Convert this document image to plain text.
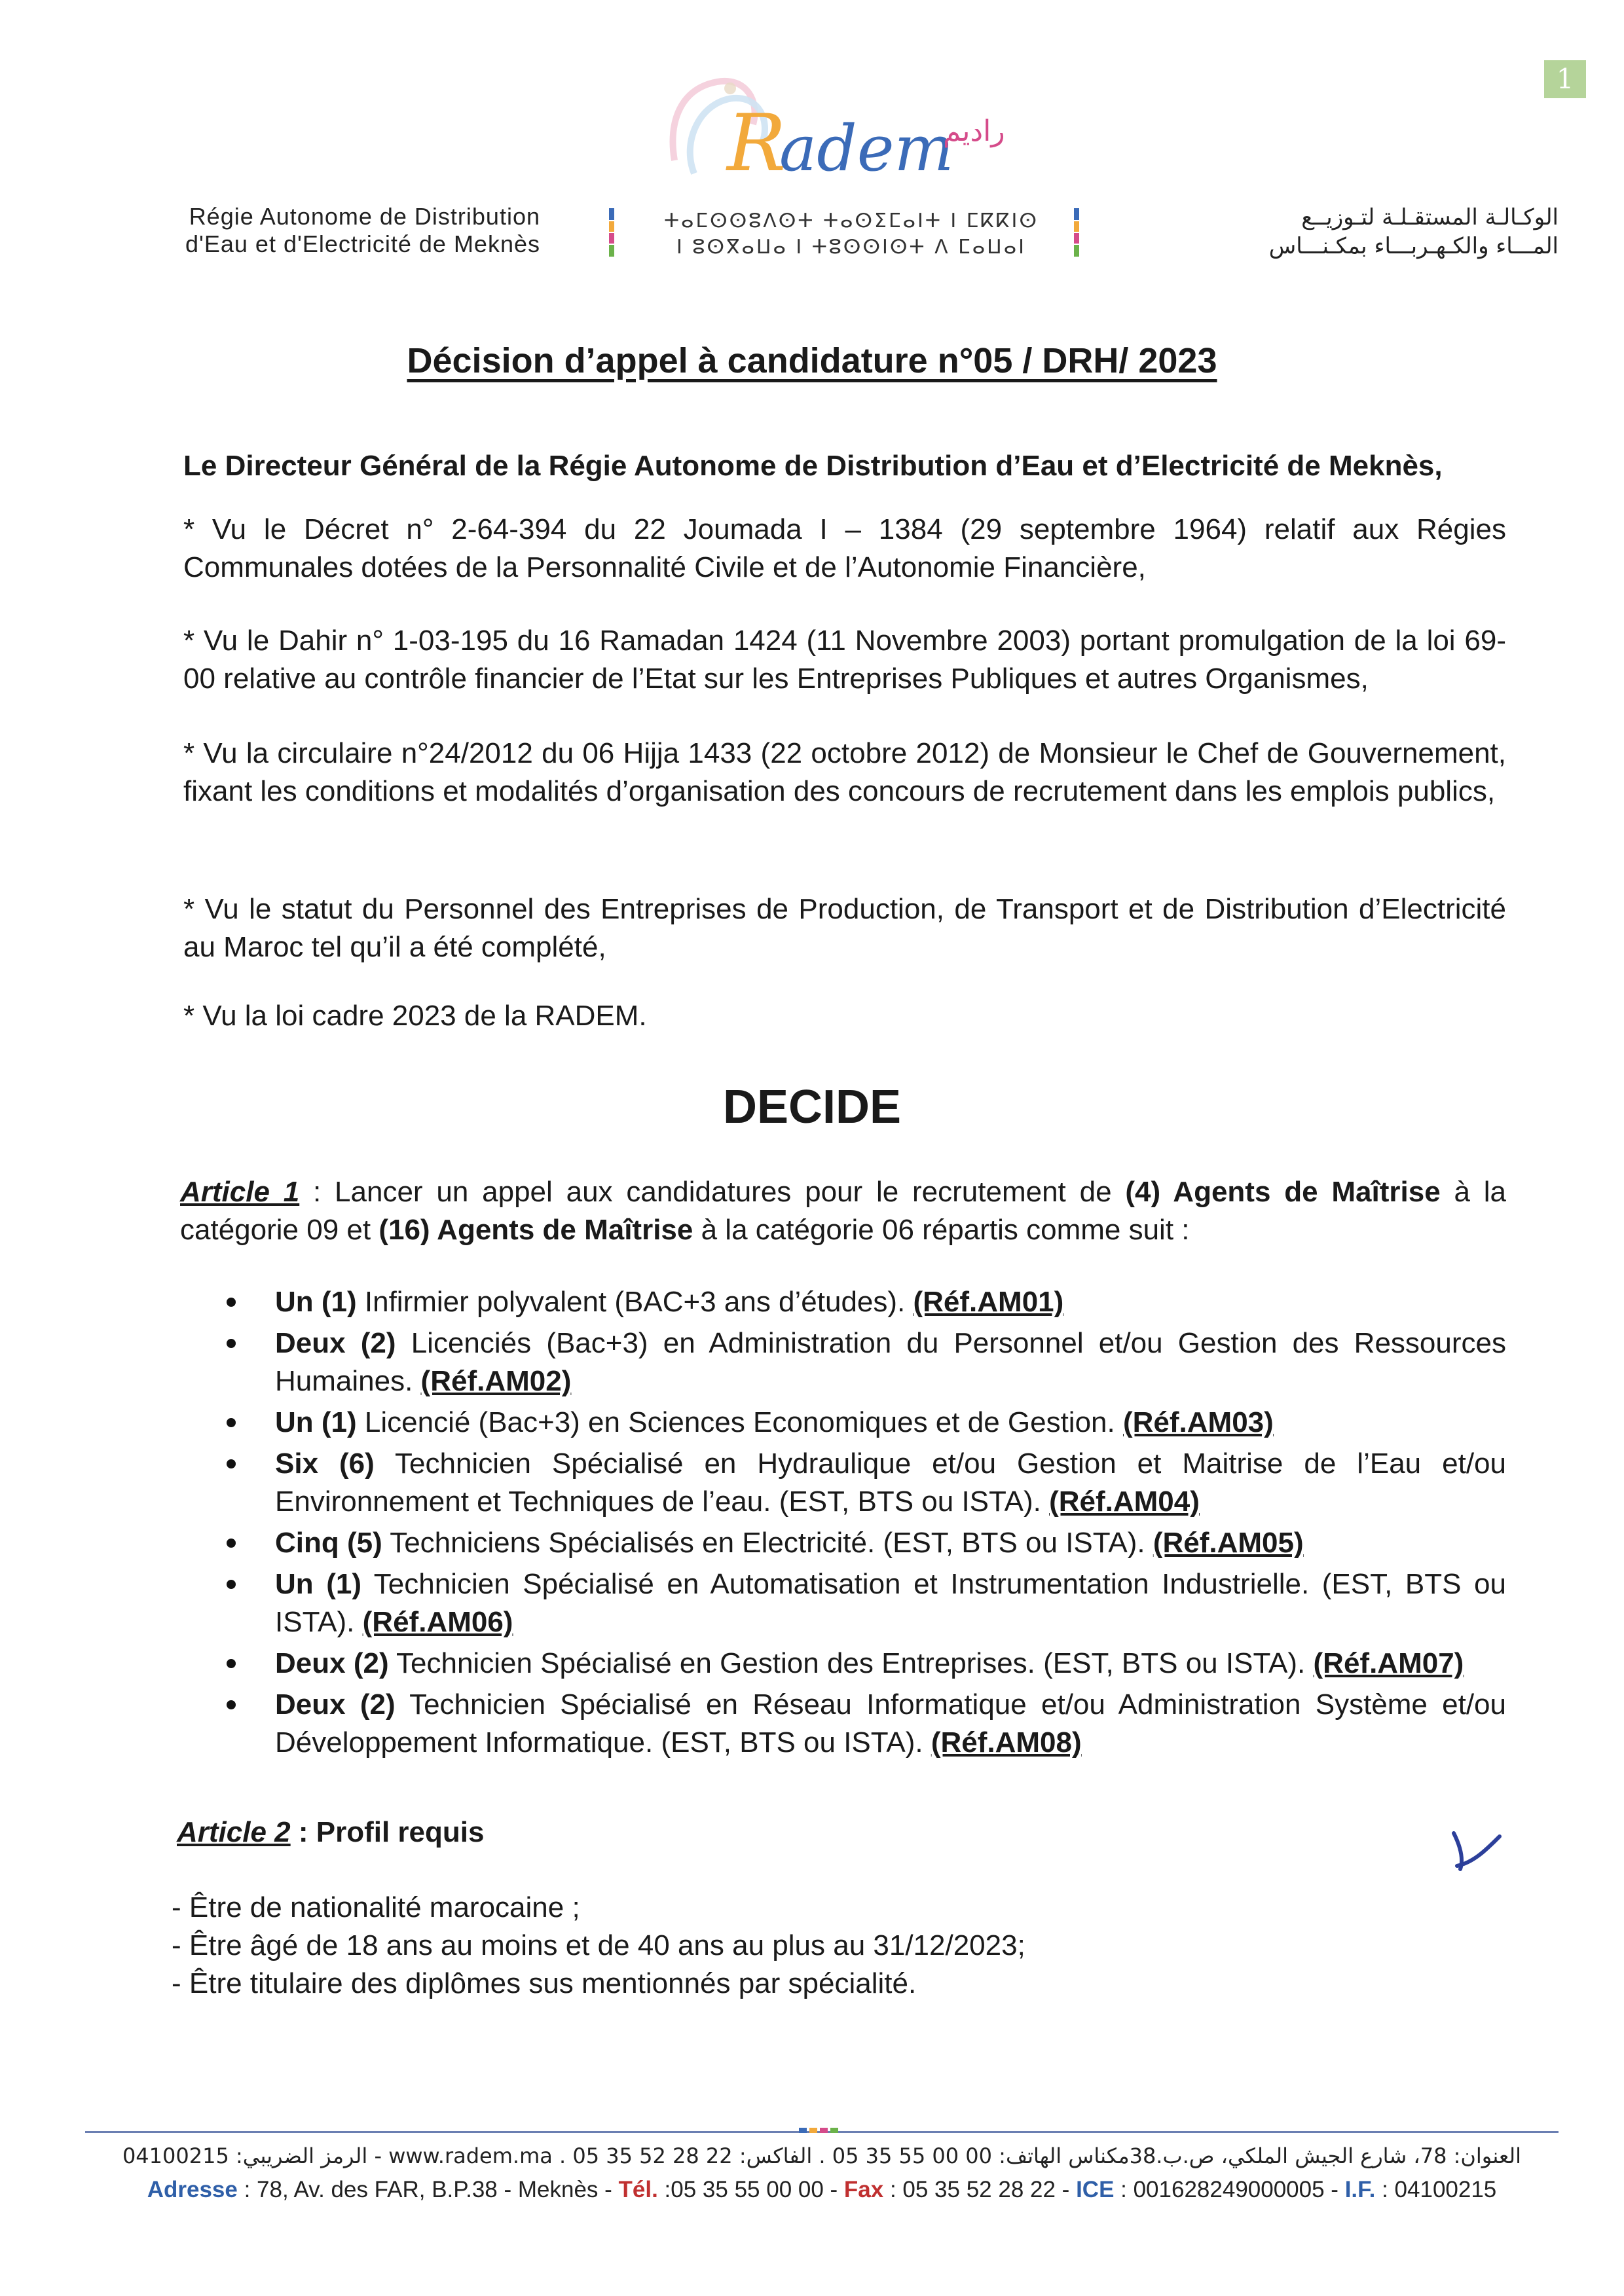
1
R
adem
راديم
Régie Autonome de Distribution
d'Eau et d'Electricité de Meknès
ⵜⴰⵎⵙⵙⵓⴷⵙⵜ ⵜⴰⵙⵉⵎⴰⵏⵜ ⵏ ⵎⴽⴽⵏⵙ
ⵏ ⵓⵙⴳⴰⵡⴰ ⵏ ⵜⵓⵙⵙⵏⵙⵜ ⴷ ⵎⴰⵡⴰⵏ
الوكـالـة المستقـلـة لتـوزيــع
المـــاء والكـهـربـــاء بمكـنـــاس
Décision d’appel à candidature n°05 / DRH/ 2023

Le Directeur Général de la Régie Autonome de Distribution d’Eau et d’Electricité de Meknès,

* Vu le Décret n° 2-64-394 du 22 Joumada I – 1384 (29 septembre 1964) relatif aux Régies Communales dotées de la Personnalité Civile et de l’Autonomie Financière,

* Vu le Dahir n° 1-03-195 du 16 Ramadan 1424 (11 Novembre 2003) portant promulgation de la loi 69-00 relative au contrôle financier de l’Etat sur les Entreprises Publiques et autres Organismes,

* Vu la circulaire n°24/2012 du 06 Hijja 1433 (22 octobre 2012) de Monsieur le Chef de Gouvernement, fixant les conditions et modalités d’organisation des concours de recrutement dans les emplois publics,

* Vu le statut du Personnel des Entreprises de Production, de Transport et de Distribution d’Electricité au Maroc tel qu’il a été complété,

* Vu la loi cadre 2023 de la RADEM.

DECIDE

Article 1 : Lancer un appel aux candidatures pour le recrutement de (4) Agents de Maîtrise à la catégorie 09 et (16) Agents de Maîtrise à la catégorie 06 répartis comme suit :

Un (1) Infirmier polyvalent (BAC+3 ans d’études). (Réf.AM01)
Deux (2) Licenciés (Bac+3) en Administration du Personnel et/ou Gestion des Ressources Humaines. (Réf.AM02)
Un (1) Licencié (Bac+3) en Sciences Economiques et de Gestion. (Réf.AM03)
Six (6) Technicien Spécialisé en Hydraulique et/ou Gestion et Maitrise de l’Eau et/ou Environnement et Techniques de l’eau. (EST, BTS ou ISTA). (Réf.AM04)
Cinq (5) Techniciens Spécialisés en Electricité. (EST, BTS ou ISTA). (Réf.AM05)
Un (1) Technicien Spécialisé en Automatisation et Instrumentation Industrielle. (EST, BTS ou ISTA). (Réf.AM06)
Deux (2) Technicien Spécialisé en Gestion des Entreprises. (EST, BTS ou ISTA). (Réf.AM07)
Deux (2) Technicien Spécialisé en Réseau Informatique et/ou Administration Système et/ou Développement Informatique. (EST, BTS ou ISTA). (Réf.AM08)

Article 2 : Profil requis

- Être de nationalité marocaine ;

- Être âgé de 18 ans au moins et de 40 ans au plus au 31/12/2023;

- Être titulaire des diplômes sus mentionnés par spécialité.

العنوان: 78، شارع الجيش الملكي، ص.ب.38مكناس الهاتف: 00 00 55 35 05 . الفاكس: 22 28 52 35 05 . www.radem.ma - الرمز الضريبي: 04100215
Adresse : 78, Av. des FAR, B.P.38 - Meknès - Tél. :05 35 55 00 00 - Fax : 05 35 52 28 22 - ICE : 001628249000005 - I.F. : 04100215
